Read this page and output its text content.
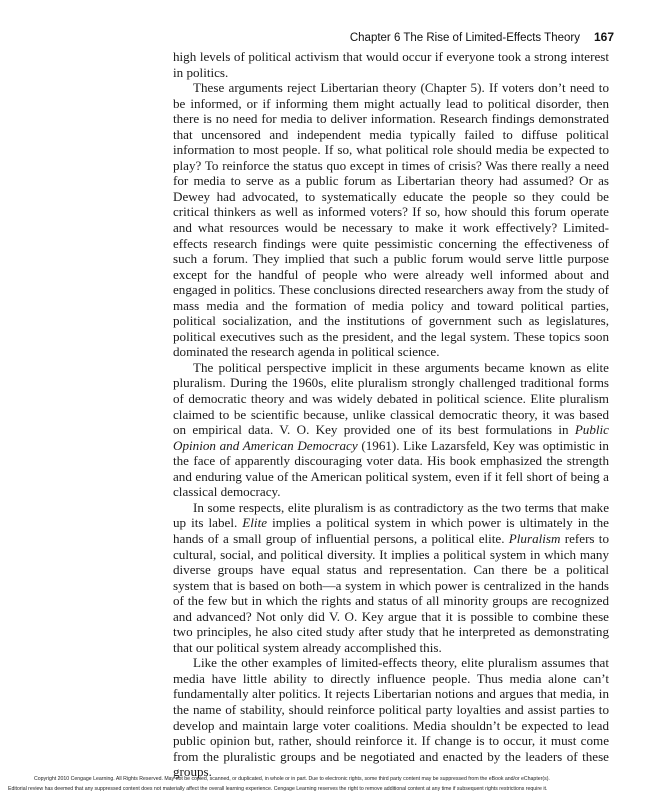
Chapter 6 The Rise of Limited-Effects Theory 167

high levels of political activism that would occur if everyone took a strong interest in politics.

These arguments reject Libertarian theory (Chapter 5). If voters don’t need to be informed, or if informing them might actually lead to political disorder, then there is no need for media to deliver information. Research findings demonstrated that uncensored and independent media typically failed to diffuse political information to most people. If so, what political role should media be expected to play? To reinforce the status quo except in times of crisis? Was there really a need for media to serve as a public forum as Libertarian theory had assumed? Or as Dewey had advocated, to systematically educate the people so they could be critical thinkers as well as informed voters? If so, how should this forum operate and what resources would be necessary to make it work effectively? Limited-effects research findings were quite pessimistic concerning the effectiveness of such a forum. They implied that such a public forum would serve little purpose except for the handful of people who were already well informed about and engaged in politics. These conclusions directed researchers away from the study of mass media and the formation of media policy and toward political parties, political socialization, and the institutions of government such as legislatures, political executives such as the president, and the legal system. These topics soon dominated the research agenda in political science.

The political perspective implicit in these arguments became known as elite pluralism. During the 1960s, elite pluralism strongly challenged traditional forms of democratic theory and was widely debated in political science. Elite pluralism claimed to be scientific because, unlike classical democratic theory, it was based on empirical data. V. O. Key provided one of its best formulations in Public Opinion and American Democracy (1961). Like Lazarsfeld, Key was optimistic in the face of apparently discouraging voter data. His book emphasized the strength and enduring value of the American political system, even if it fell short of being a classical democracy.

In some respects, elite pluralism is as contradictory as the two terms that make up its label. Elite implies a political system in which power is ultimately in the hands of a small group of influential persons, a political elite. Pluralism refers to cultural, social, and political diversity. It implies a political system in which many diverse groups have equal status and representation. Can there be a political system that is based on both—a system in which power is centralized in the hands of the few but in which the rights and status of all minority groups are recognized and advanced? Not only did V. O. Key argue that it is possible to combine these two principles, he also cited study after study that he interpreted as demonstrating that our political system already accomplished this.

Like the other examples of limited-effects theory, elite pluralism assumes that media have little ability to directly influence people. Thus media alone can’t fundamentally alter politics. It rejects Libertarian notions and argues that media, in the name of stability, should reinforce political party loyalties and assist parties to develop and maintain large voter coalitions. Media shouldn’t be expected to lead public opinion but, rather, should reinforce it. If change is to occur, it must come from the pluralistic groups and be negotiated and enacted by the leaders of these groups.

Copyright 2010 Cengage Learning. All Rights Reserved. May not be copied, scanned, or duplicated, in whole or in part. Due to electronic rights, some third party content may be suppressed from the eBook and/or eChapter(s).
Editorial review has deemed that any suppressed content does not materially affect the overall learning experience. Cengage Learning reserves the right to remove additional content at any time if subsequent rights restrictions require it.
